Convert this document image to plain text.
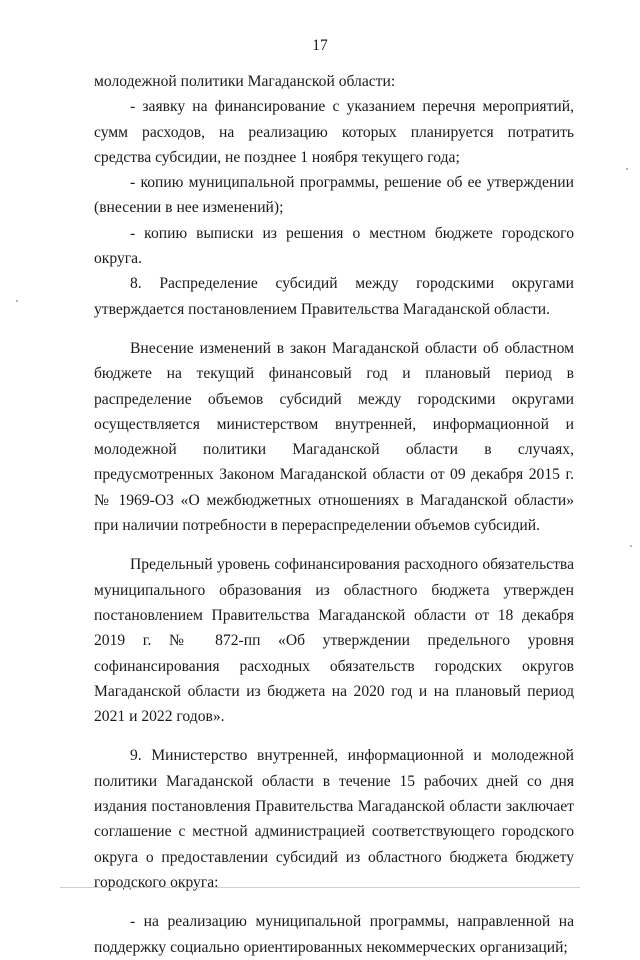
17

молодежной политики Магаданской области:

- заявку на финансирование с указанием перечня мероприятий, сумм расходов, на реализацию которых планируется потратить средства субсидии, не позднее 1 ноября текущего года;

- копию муниципальной программы, решение об ее утверждении (внесении в нее изменений);

- копию выписки из решения о местном бюджете городского округа.

8. Распределение субсидий между городскими округами утверждается постановлением Правительства Магаданской области.

Внесение изменений в закон Магаданской области об областном бюджете на текущий финансовый год и плановый период в распределение объемов субсидий между городскими округами осуществляется министерством внутренней, информационной и молодежной политики Магаданской области в случаях, предусмотренных Законом Магаданской области от 09 декабря 2015 г. № 1969-ОЗ «О межбюджетных отношениях в Магаданской области» при наличии потребности в перераспределении объемов субсидий.

Предельный уровень софинансирования расходного обязательства муниципального образования из областного бюджета утвержден постановлением Правительства Магаданской области от 18 декабря 2019 г. № 872-пп «Об утверждении предельного уровня софинансирования расходных обязательств городских округов Магаданской области из бюджета на 2020 год и на плановый период 2021 и 2022 годов».

9. Министерство внутренней, информационной и молодежной политики Магаданской области в течение 15 рабочих дней со дня издания постановления Правительства Магаданской области заключает соглашение с местной администрацией соответствующего городского округа о предоставлении субсидий из областного бюджета бюджету городского округа:

- на реализацию муниципальной программы, направленной на поддержку социально ориентированных некоммерческих организаций;
